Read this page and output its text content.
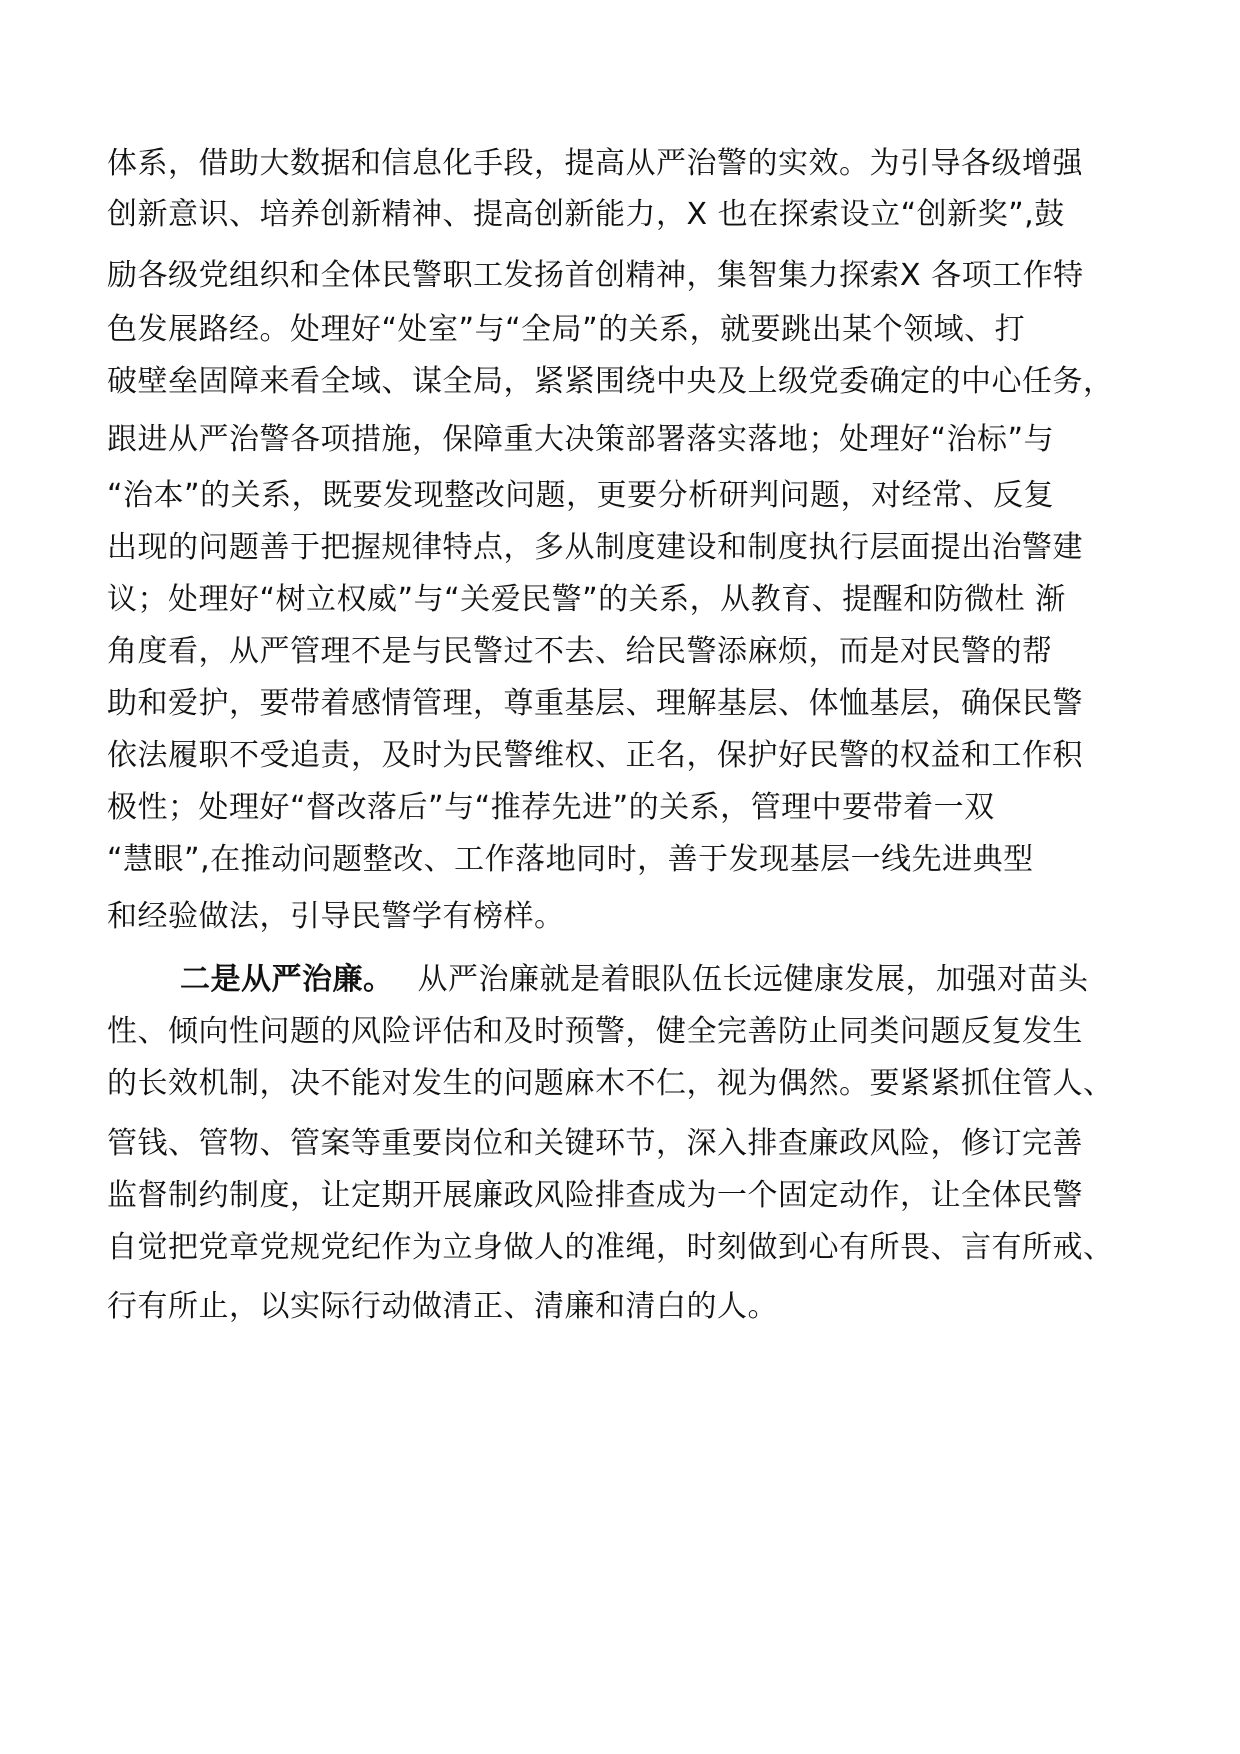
体系，借助大数据和信息化手段，提高从严治警的实效。为引导各级增强
创新意识、培养创新精神、提高创新能力，X 也在探索设立“创新奖”,鼓
励各级党组织和全体民警职工发扬首创精神，集智集力探索X 各项工作特
色发展路经。处理好“处室”与“全局”的关系，就要跳出某个领域、打
破壁垒固障来看全域、谋全局，紧紧围绕中央及上级党委确定的中心任务，
跟进从严治警各项措施，保障重大决策部署落实落地；处理好“治标”与
“治本”的关系，既要发现整改问题，更要分析研判问题，对经常、反复
出现的问题善于把握规律特点，多从制度建设和制度执行层面提出治警建
议；处理好“树立权威”与“关爱民警”的关系，从教育、提醒和防微杜 渐
角度看，从严管理不是与民警过不去、给民警添麻烦，而是对民警的帮
助和爱护，要带着感情管理，尊重基层、理解基层、体恤基层，确保民警
依法履职不受追责，及时为民警维权、正名，保护好民警的权益和工作积
极性；处理好“督改落后”与“推荐先进”的关系，管理中要带着一双
“慧眼”,在推动问题整改、工作落地同时，善于发现基层一线先进典型
和经验做法，引导民警学有榜样。
二是从严治廉。 从严治廉就是着眼队伍长远健康发展，加强对苗头
性、倾向性问题的风险评估和及时预警，健全完善防止同类问题反复发生
的长效机制，决不能对发生的问题麻木不仁，视为偶然。要紧紧抓住管人、
管钱、管物、管案等重要岗位和关键环节，深入排查廉政风险，修订完善
监督制约制度，让定期开展廉政风险排查成为一个固定动作，让全体民警
自觉把党章党规党纪作为立身做人的准绳，时刻做到心有所畏、言有所戒、
行有所止，以实际行动做清正、清廉和清白的人。
